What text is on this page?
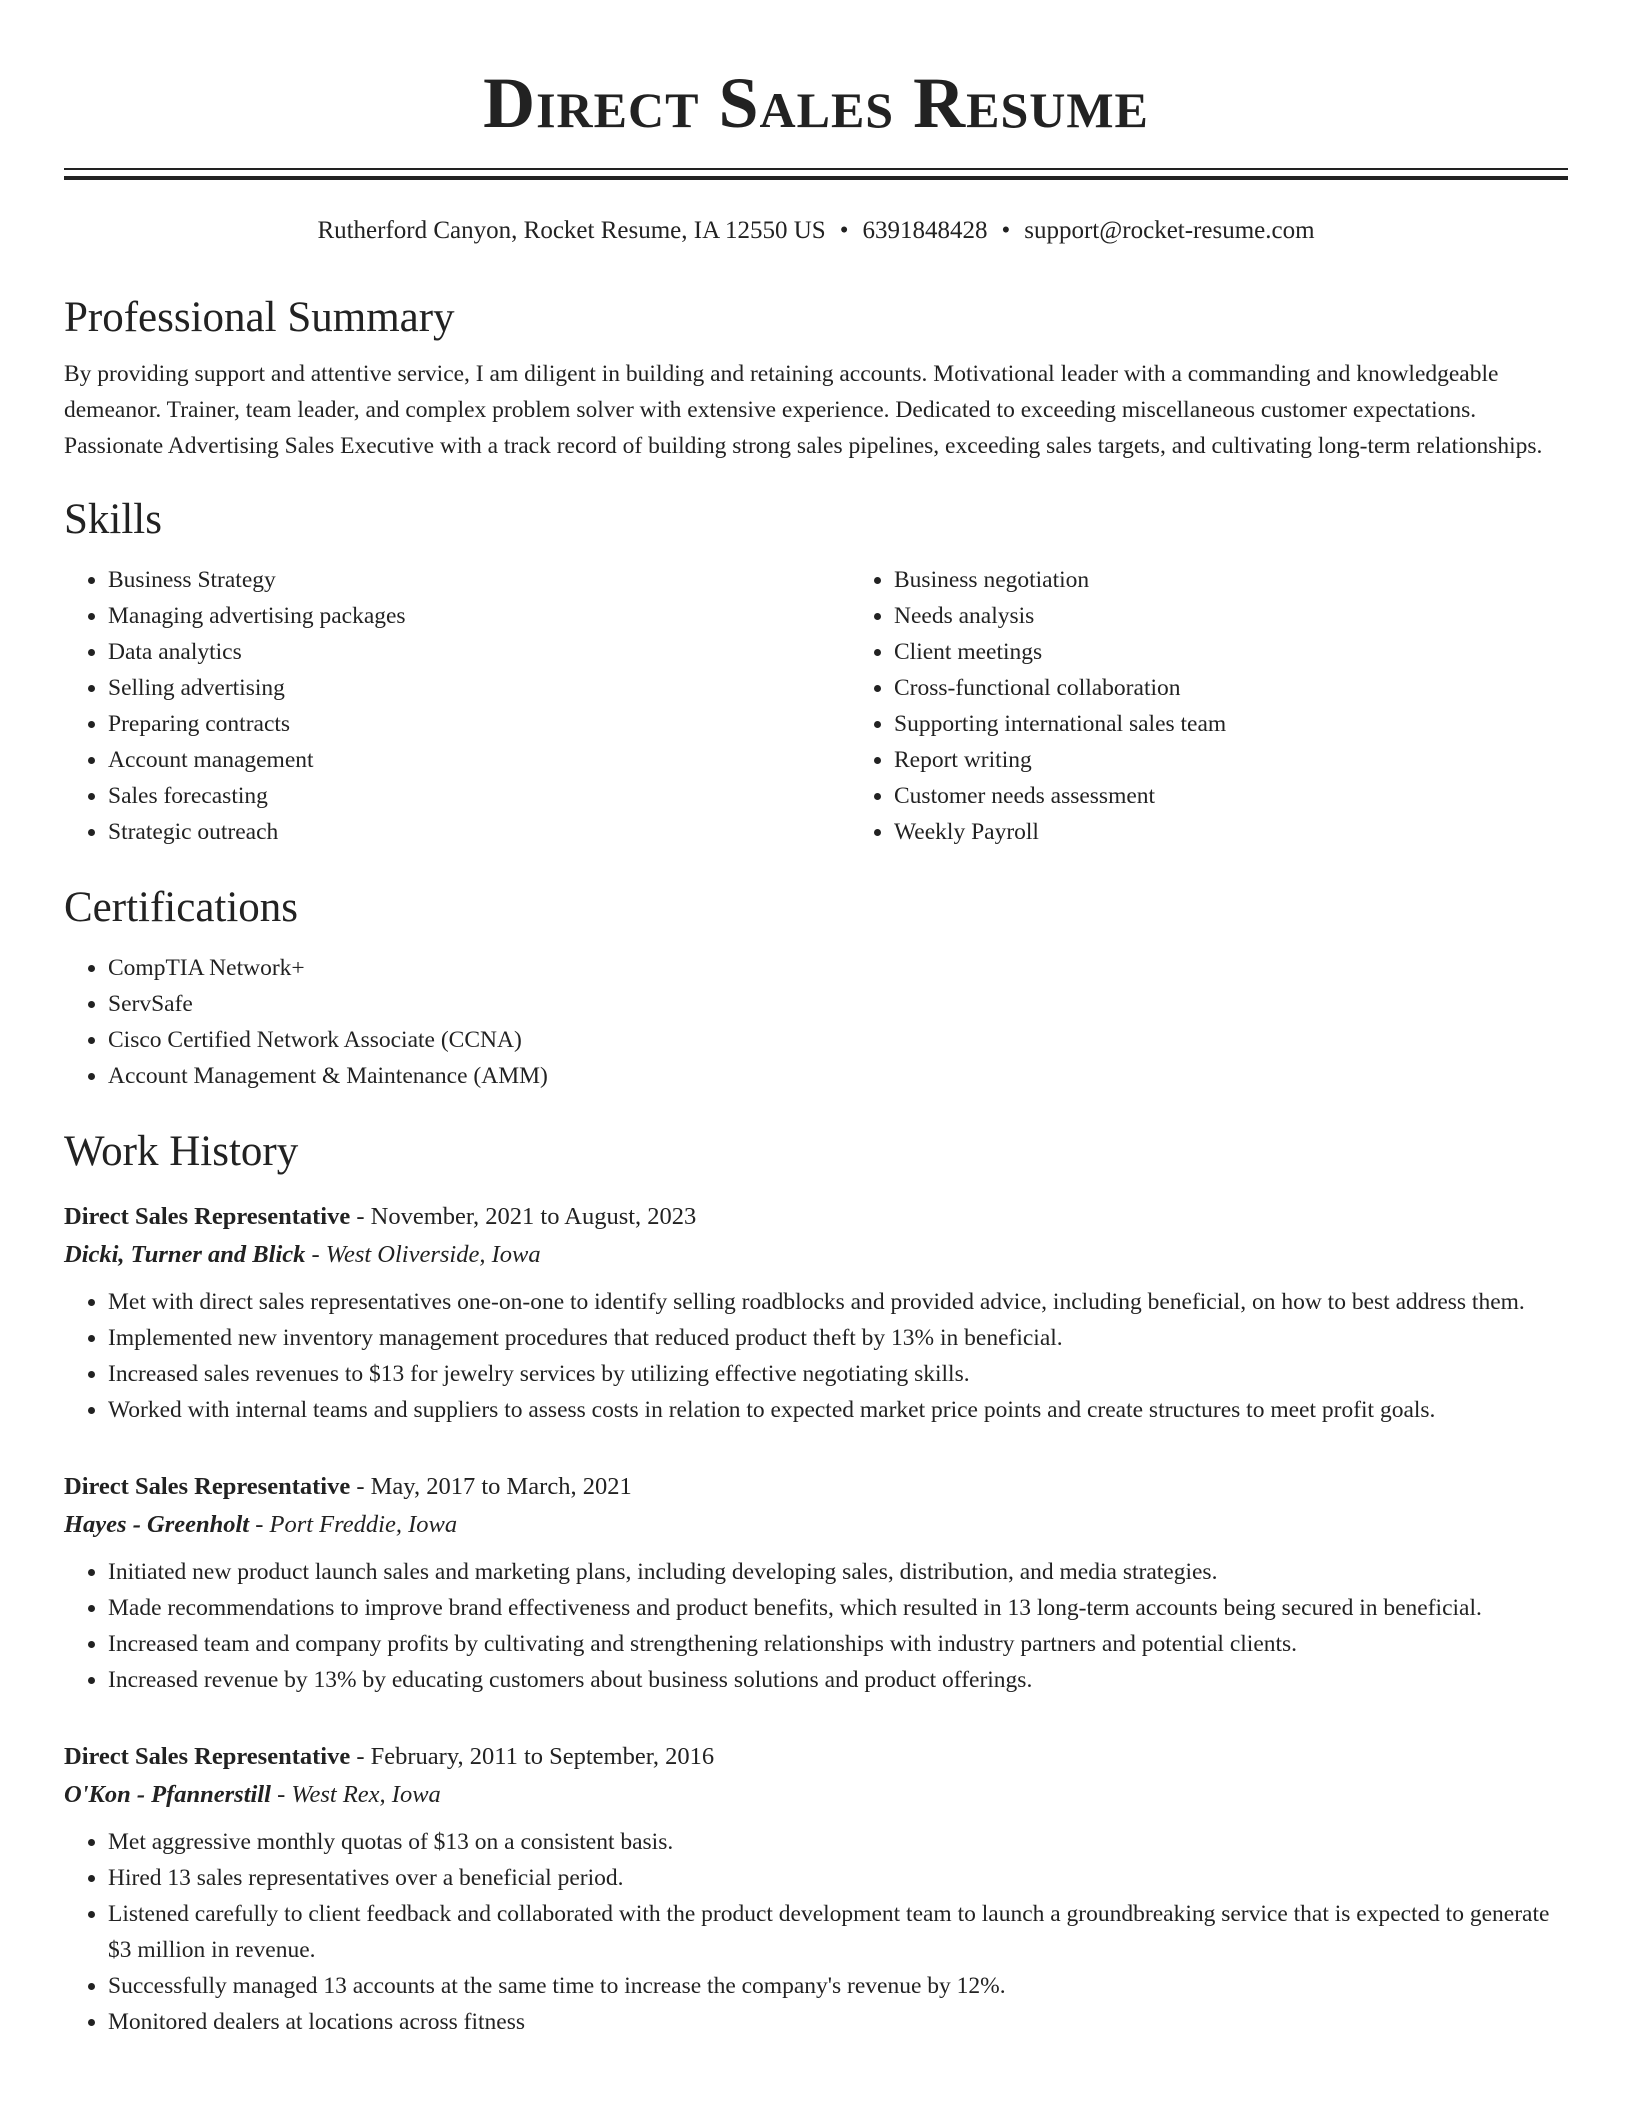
Direct Sales Resume
Rutherford Canyon, Rocket Resume, IA 12550 US • 6391848428 • support@rocket-resume.com
Professional Summary

By providing support and attentive service, I am diligent in building and retaining accounts. Motivational leader with a commanding and knowledgeable demeanor. Trainer, team leader, and complex problem solver with extensive experience. Dedicated to exceeding miscellaneous customer expectations. Passionate Advertising Sales Executive with a track record of building strong sales pipelines, exceeding sales targets, and cultivating long-term relationships.

Skills
• Business Strategy
• Managing advertising packages
• Data analytics
• Selling advertising
• Preparing contracts
• Account management
• Sales forecasting
• Strategic outreach
• Business negotiation
• Needs analysis
• Client meetings
• Cross-functional collaboration
• Supporting international sales team
• Report writing
• Customer needs assessment
• Weekly Payroll
Certifications
• CompTIA Network+
• ServSafe
• Cisco Certified Network Associate (CCNA)
• Account Management & Maintenance (AMM)
Work History
Direct Sales Representative - November, 2021 to August, 2023
Dicki, Turner and Blick - West Oliverside, Iowa
• Met with direct sales representatives one-on-one to identify selling roadblocks and provided advice, including beneficial, on how to best address them.
• Implemented new inventory management procedures that reduced product theft by 13% in beneficial.
• Increased sales revenues to $13 for jewelry services by utilizing effective negotiating skills.
• Worked with internal teams and suppliers to assess costs in relation to expected market price points and create structures to meet profit goals.
Direct Sales Representative - May, 2017 to March, 2021
Hayes - Greenholt - Port Freddie, Iowa
• Initiated new product launch sales and marketing plans, including developing sales, distribution, and media strategies.
• Made recommendations to improve brand effectiveness and product benefits, which resulted in 13 long-term accounts being secured in beneficial.
• Increased team and company profits by cultivating and strengthening relationships with industry partners and potential clients.
• Increased revenue by 13% by educating customers about business solutions and product offerings.
Direct Sales Representative - February, 2011 to September, 2016
O'Kon - Pfannerstill - West Rex, Iowa
• Met aggressive monthly quotas of $13 on a consistent basis.
• Hired 13 sales representatives over a beneficial period.
• Listened carefully to client feedback and collaborated with the product development team to launch a groundbreaking service that is expected to generate $3 million in revenue.
• Successfully managed 13 accounts at the same time to increase the company's revenue by 12%.
• Monitored dealers at locations across fitness
